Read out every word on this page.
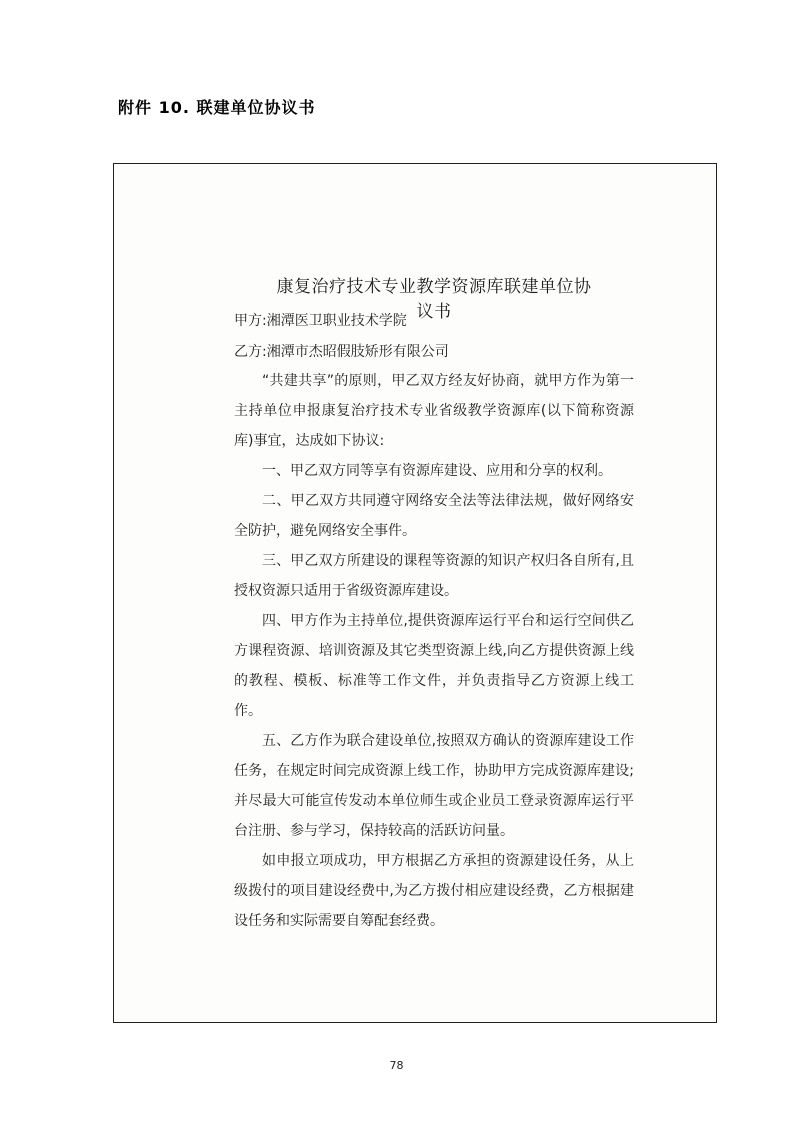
附件 10. 联建单位协议书
康复治疗技术专业教学资源库联建单位协议书
甲方:湘潭医卫职业技术学院
乙方:湘潭市杰昭假肢矫形有限公司

“共建共享”的原则，甲乙双方经友好协商，就甲方作为第一主持单位申报康复治疗技术专业省级教学资源库(以下简称资源库)事宜，达成如下协议:

一、甲乙双方同等享有资源库建设、应用和分享的权利。

二、甲乙双方共同遵守网络安全法等法律法规，做好网络安全防护，避免网络安全事件。

三、甲乙双方所建设的课程等资源的知识产权归各自所有,且授权资源只适用于省级资源库建设。

四、甲方作为主持单位,提供资源库运行平台和运行空间供乙方课程资源、培训资源及其它类型资源上线,向乙方提供资源上线的教程、模板、标准等工作文件，并负责指导乙方资源上线工作。

五、乙方作为联合建设单位,按照双方确认的资源库建设工作任务，在规定时间完成资源上线工作，协助甲方完成资源库建设;并尽最大可能宣传发动本单位师生或企业员工登录资源库运行平台注册、参与学习，保持较高的活跃访问量。

如申报立项成功，甲方根据乙方承担的资源建设任务，从上级拨付的项目建设经费中,为乙方拨付相应建设经费，乙方根据建设任务和实际需要自筹配套经费。

78
